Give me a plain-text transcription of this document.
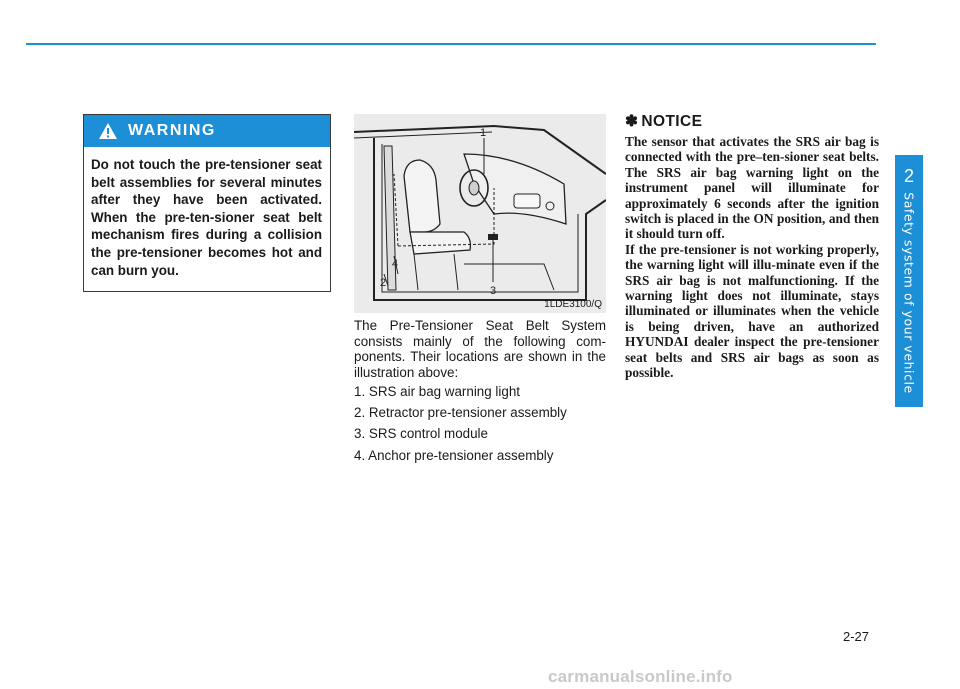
WARNING
Do not touch the pre-tensioner seat belt assemblies for several minutes after they have been activated. When the pre-ten-sioner seat belt mechanism fires during a collision the pre-tensioner becomes hot and can burn you.
1
2
3
4
1LDE3100/Q

The Pre-Tensioner Seat Belt System consists mainly of the following com-ponents. Their locations are shown in the illustration above:

1. SRS air bag warning light
2. Retractor pre-tensioner assembly
3. SRS control module
4. Anchor pre-tensioner assembly
✽ NOTICE
The sensor that activates the SRS air bag is connected with the pre–ten-sioner seat belts. The SRS air bag warning light on the instrument panel will illuminate for approximately 6 seconds after the ignition switch is placed in the ON position, and then it should turn off.
If the pre-tensioner is not working properly, the warning light will illu-minate even if the SRS air bag is not malfunctioning. If the warning light does not illuminate, stays illuminated or illuminates when the vehicle is being driven, have an authorized HYUNDAI dealer inspect the pre-tensioner seat belts and SRS air bags as soon as possible.
2
Safety system of your vehicle
2-27
carmanualsonline.info
